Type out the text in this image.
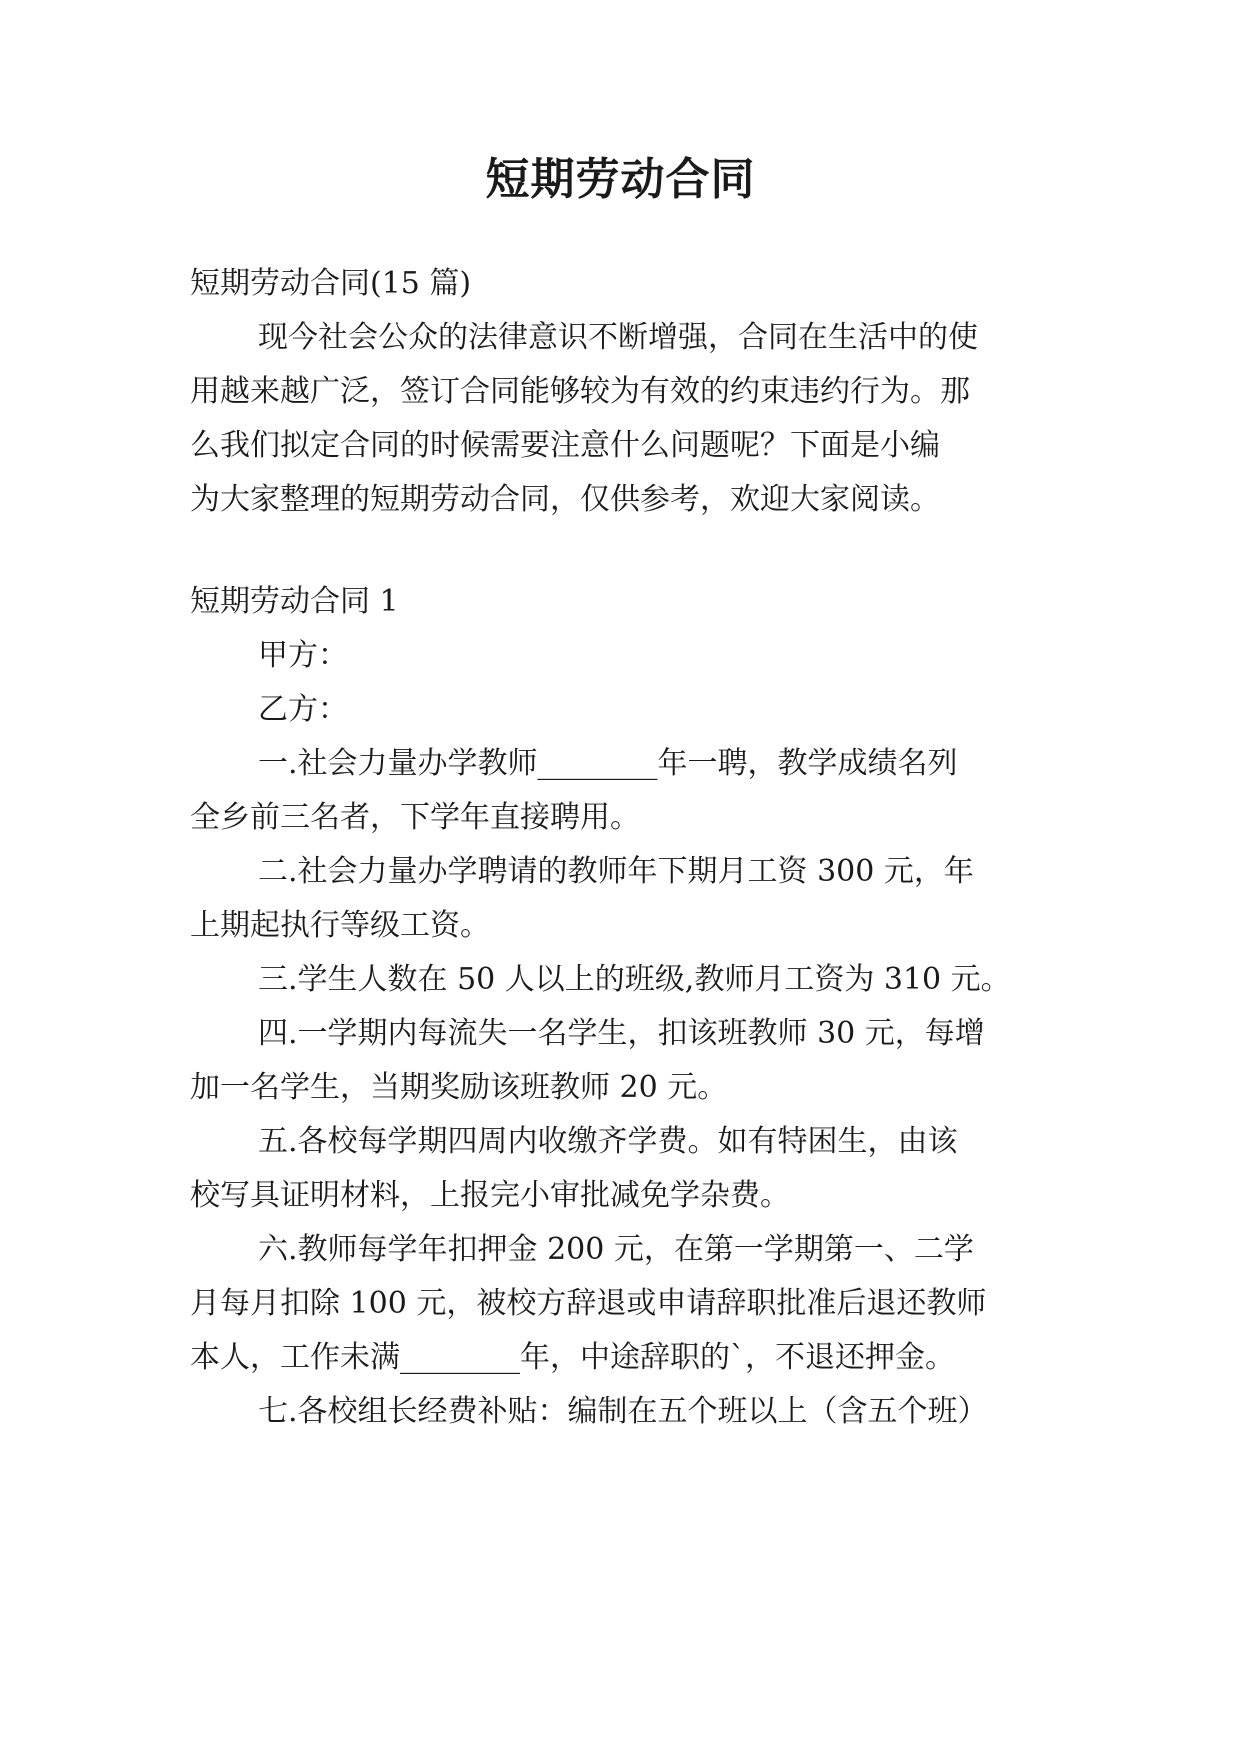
短期劳动合同
短期劳动合同(15 篇)
现今社会公众的法律意识不断增强，合同在生活中的使
用越来越广泛，签订合同能够较为有效的约束违约行为。那
么我们拟定合同的时候需要注意什么问题呢？下面是小编
为大家整理的短期劳动合同，仅供参考，欢迎大家阅读。
短期劳动合同 1
甲方：
乙方：
一.社会力量办学教师________年一聘，教学成绩名列
全乡前三名者，下学年直接聘用。
二.社会力量办学聘请的教师年下期月工资 300 元，年
上期起执行等级工资。
三.学生人数在 50 人以上的班级,教师月工资为 310 元。
四.一学期内每流失一名学生，扣该班教师 30 元，每增
加一名学生，当期奖励该班教师 20 元。
五.各校每学期四周内收缴齐学费。如有特困生，由该
校写具证明材料，上报完小审批减免学杂费。
六.教师每学年扣押金 200 元，在第一学期第一、二学
月每月扣除 100 元，被校方辞退或申请辞职批准后退还教师
本人，工作未满________年，中途辞职的`，不退还押金。
七.各校组长经费补贴：编制在五个班以上（含五个班）
